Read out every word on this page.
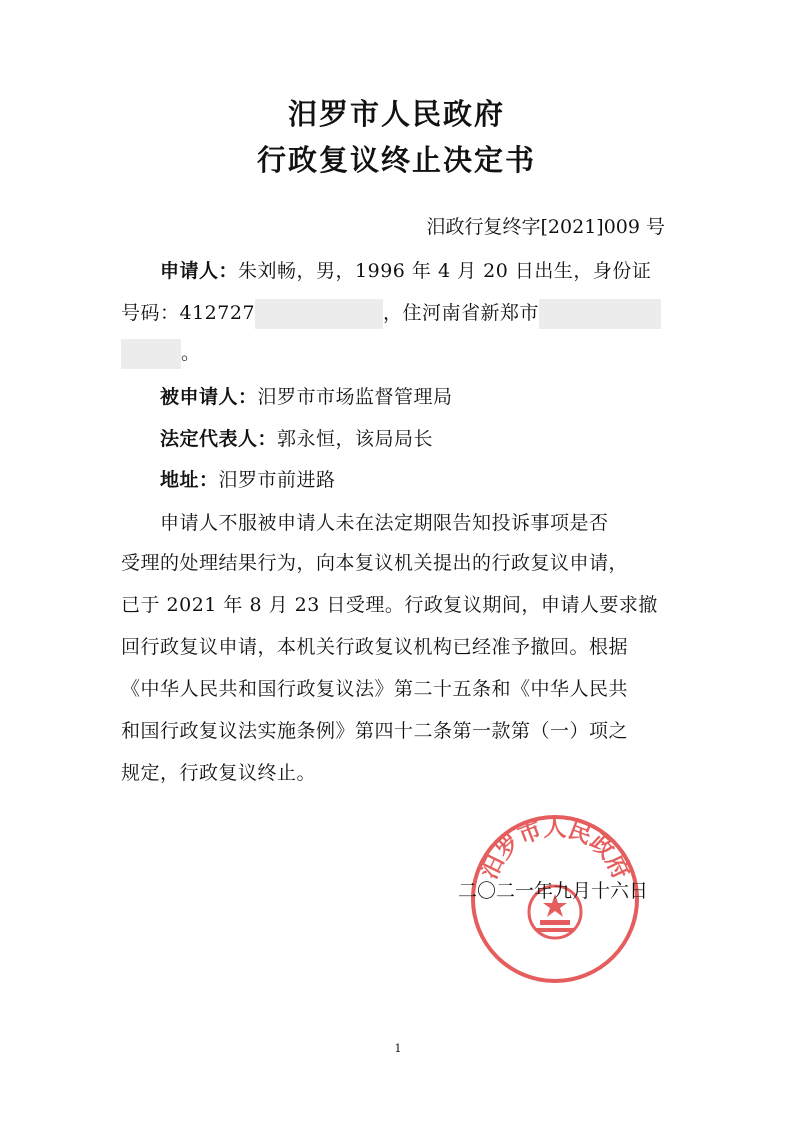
汨罗市人民政府
行政复议终止决定书
汨政行复终字[2021]009 号
申请人：朱刘畅，男，1996 年 4 月 20 日出生，身份证
号码：412727	，住河南省新郑市
。
被申请人：汨罗市市场监督管理局
法定代表人：郭永恒，该局局长
地址：汨罗市前进路
申请人不服被申请人未在法定期限告知投诉事项是否
受理的处理结果行为，向本复议机关提出的行政复议申请，
已于 2021 年 8 月 23 日受理。行政复议期间，申请人要求撤
回行政复议申请，本机关行政复议机构已经准予撤回。根据
《中华人民共和国行政复议法》第二十五条和《中华人民共
和国行政复议法实施条例》第四十二条第一款第（一）项之
规定，行政复议终止。
汨罗市人民政府
二〇二一年九月十六日
1
